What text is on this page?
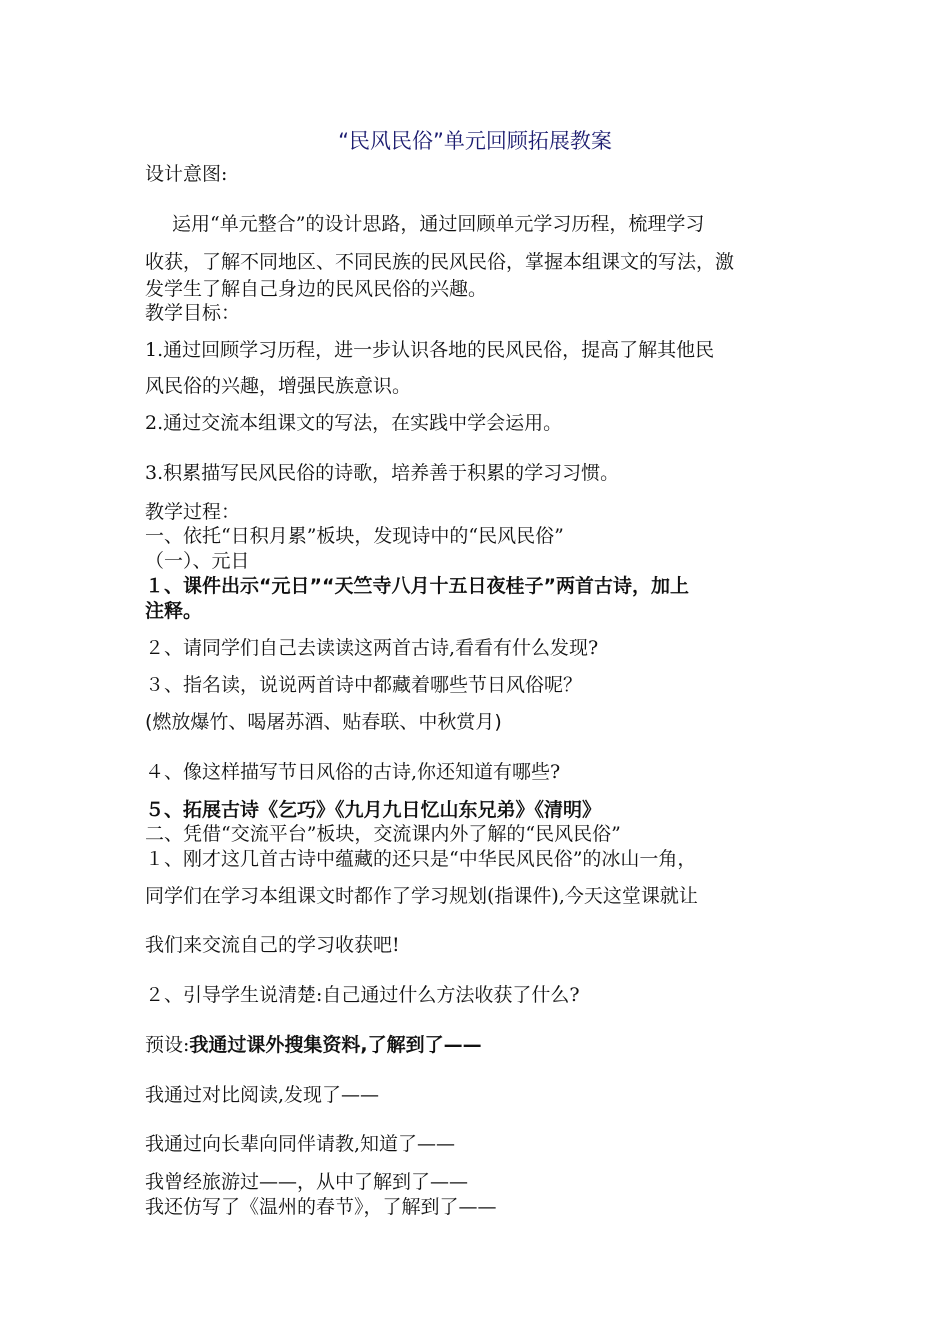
“民风民俗”单元回顾拓展教案
设计意图:
运用“单元整合”的设计思路，通过回顾单元学习历程，梳理学习
收获，了解不同地区、不同民族的民风民俗，掌握本组课文的写法，激
发学生了解自己身边的民风民俗的兴趣。
教学目标：
1.通过回顾学习历程，进一步认识各地的民风民俗，提高了解其他民
风民俗的兴趣，增强民族意识。
2.通过交流本组课文的写法，在实践中学会运用。
3.积累描写民风民俗的诗歌，培养善于积累的学习习惯。
教学过程：
一、依托“日积月累”板块，发现诗中的“民风民俗”
（一）、元日
１、课件出示“元日”“天竺寺八月十五日夜桂子”两首古诗，加上
注释。
２、请同学们自己去读读这两首古诗,看看有什么发现?
３、指名读，说说两首诗中都藏着哪些节日风俗呢？
(燃放爆竹、喝屠苏酒、贴春联、中秋赏月)
４、像这样描写节日风俗的古诗,你还知道有哪些?
５、拓展古诗《乞巧》《九月九日忆山东兄弟》《清明》
二、凭借“交流平台”板块，交流课内外了解的“民风民俗”
１、刚才这几首古诗中蕴藏的还只是“中华民风民俗”的冰山一角，
同学们在学习本组课文时都作了学习规划(指课件),今天这堂课就让
我们来交流自己的学习收获吧!
２、引导学生说清楚:自己通过什么方法收获了什么?
预设:我通过课外搜集资料,了解到了——
我通过对比阅读,发现了——
我通过向长辈向同伴请教,知道了——
我曾经旅游过——，从中了解到了——
我还仿写了《温州的春节》，了解到了——
